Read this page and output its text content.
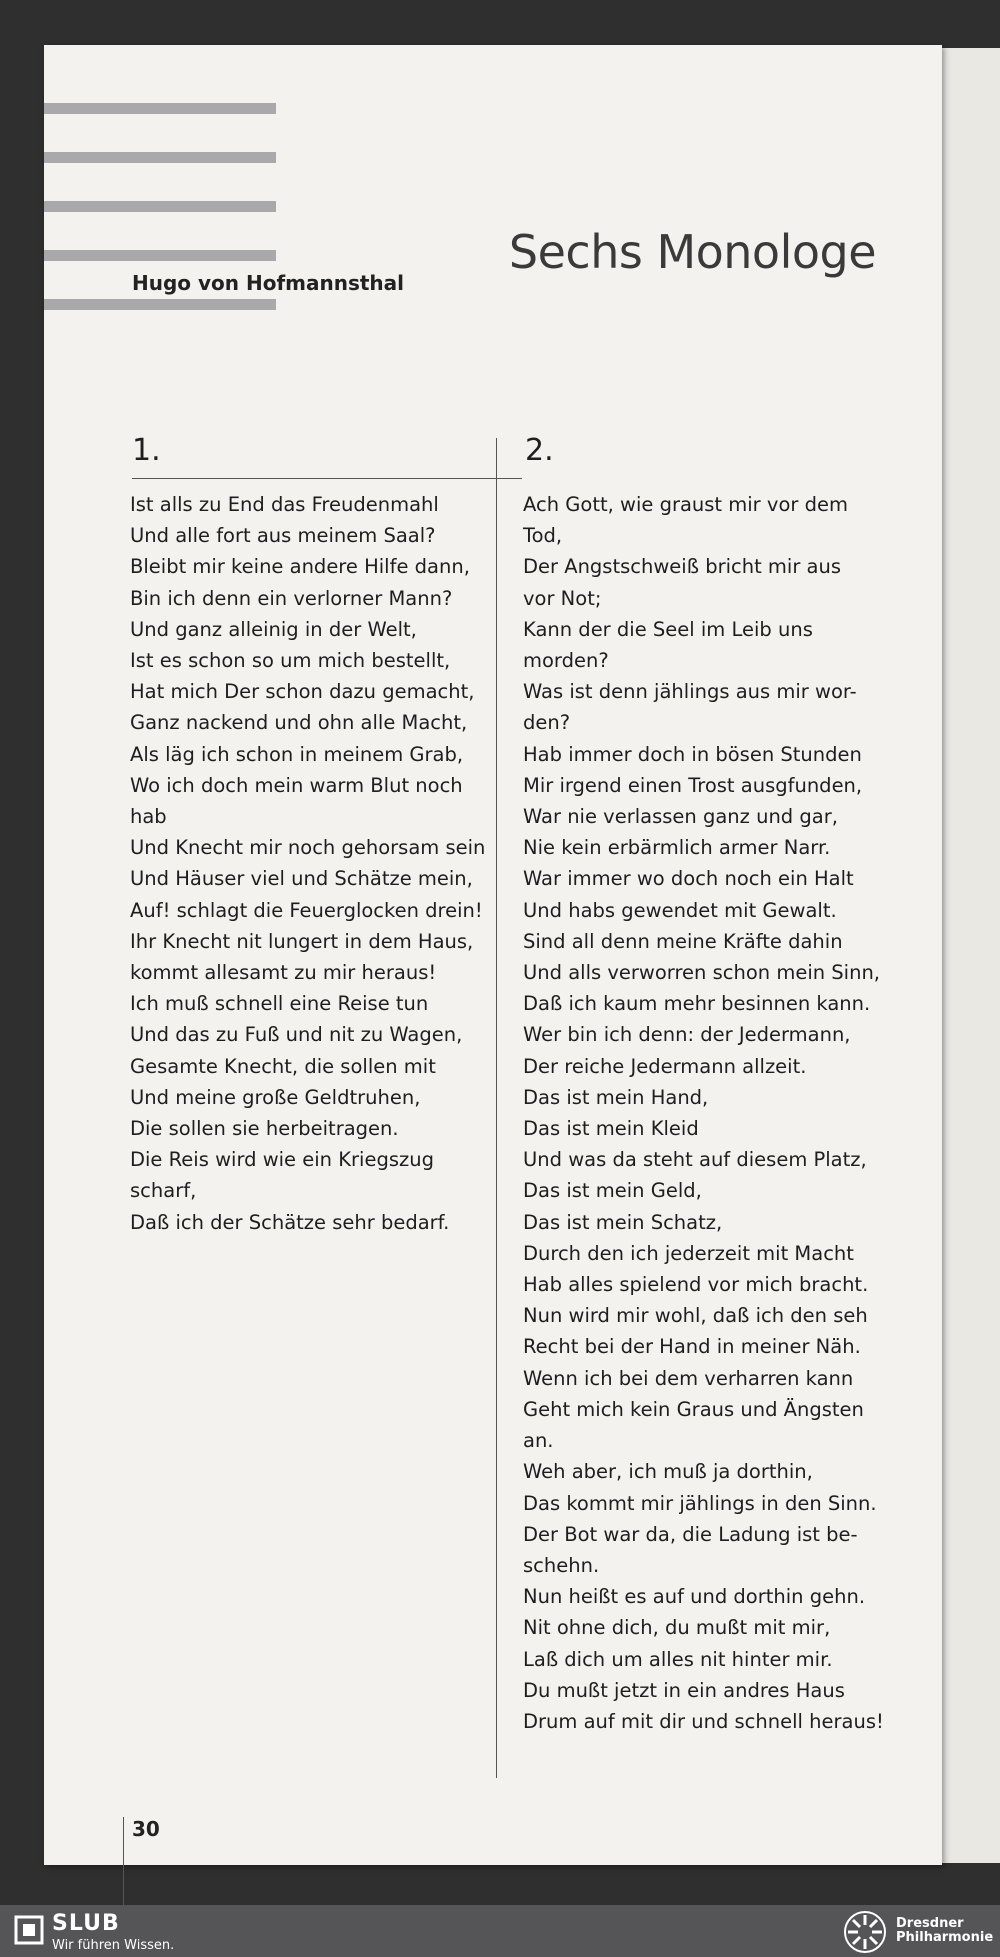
Sechs Monologe
Hugo von Hofmannsthal
1.	2.
Ist alls zu End das Freudenmahl
Und alle fort aus meinem Saal?
Bleibt mir keine andere Hilfe dann,
Bin ich denn ein verlorner Mann?
Und ganz alleinig in der Welt,
Ist es schon so um mich bestellt,
Hat mich Der schon dazu gemacht,
Ganz nackend und ohn alle Macht,
Als läg ich schon in meinem Grab,
Wo ich doch mein warm Blut noch
hab
Und Knecht mir noch gehorsam sein
Und Häuser viel und Schätze mein,
Auf! schlagt die Feuerglocken drein!
Ihr Knecht nit lungert in dem Haus,
kommt allesamt zu mir heraus!
Ich muß schnell eine Reise tun
Und das zu Fuß und nit zu Wagen,
Gesamte Knecht, die sollen mit
Und meine große Geldtruhen,
Die sollen sie herbeitragen.
Die Reis wird wie ein Kriegszug
scharf,
Daß ich der Schätze sehr bedarf.
Ach Gott, wie graust mir vor dem
Tod,
Der Angstschweiß bricht mir aus
vor Not;
Kann der die Seel im Leib uns
morden?
Was ist denn jählings aus mir wor-
den?
Hab immer doch in bösen Stunden
Mir irgend einen Trost ausgfunden,
War nie verlassen ganz und gar,
Nie kein erbärmlich armer Narr.
War immer wo doch noch ein Halt
Und habs gewendet mit Gewalt.
Sind all denn meine Kräfte dahin
Und alls verworren schon mein Sinn,
Daß ich kaum mehr besinnen kann.
Wer bin ich denn: der Jedermann,
Der reiche Jedermann allzeit.
Das ist mein Hand,
Das ist mein Kleid
Und was da steht auf diesem Platz,
Das ist mein Geld,
Das ist mein Schatz,
Durch den ich jederzeit mit Macht
Hab alles spielend vor mich bracht.
Nun wird mir wohl, daß ich den seh
Recht bei der Hand in meiner Näh.
Wenn ich bei dem verharren kann
Geht mich kein Graus und Ängsten
an.
Weh aber, ich muß ja dorthin,
Das kommt mir jählings in den Sinn.
Der Bot war da, die Ladung ist be-
schehn.
Nun heißt es auf und dorthin gehn.
Nit ohne dich, du mußt mit mir,
Laß dich um alles nit hinter mir.
Du mußt jetzt in ein andres Haus
Drum auf mit dir und schnell heraus!
30
SLUB
Wir führen Wissen.
Dresdner
Philharmonie
